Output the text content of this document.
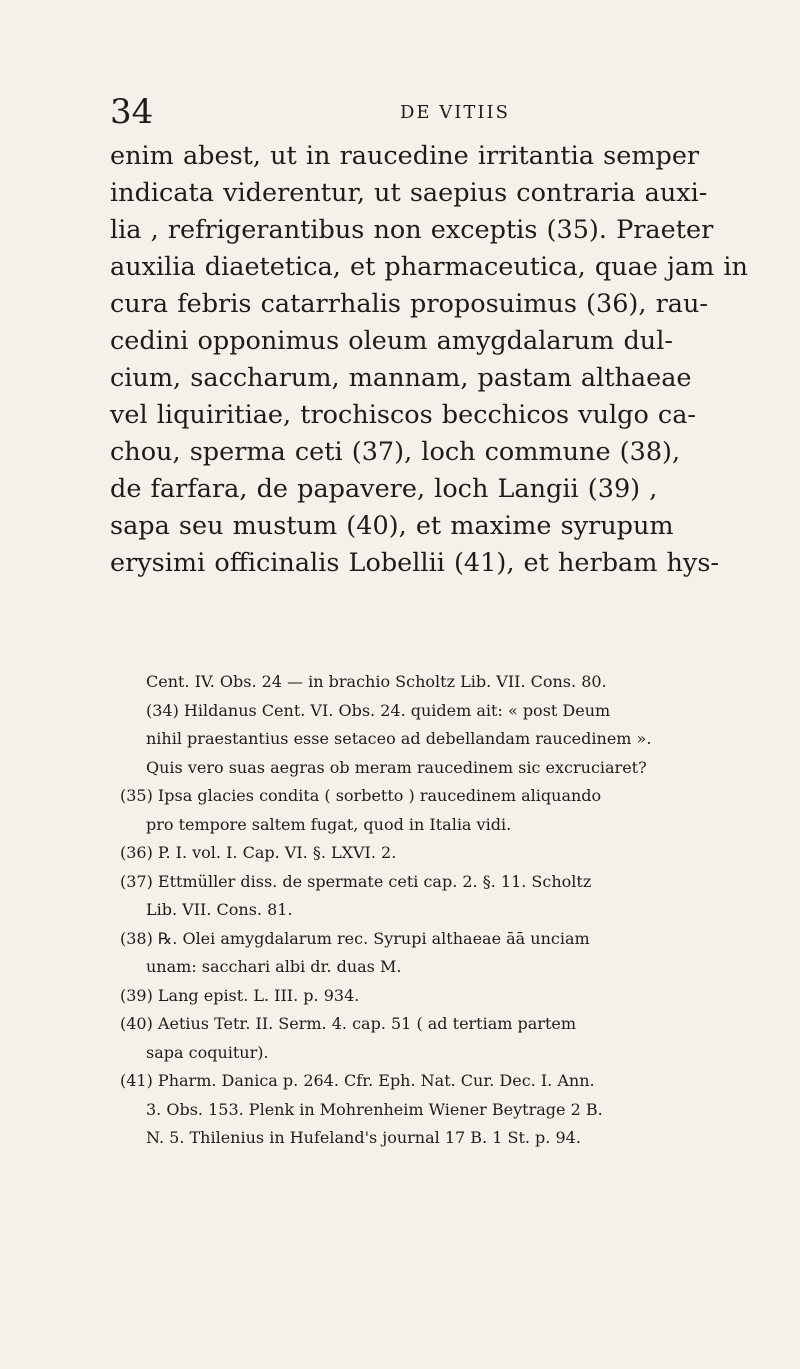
34	DE VITIIS
enim abest, ut in raucedine irritantia semper
indicata viderentur, ut saepius contraria auxi-
lia , refrigerantibus non exceptis (35). Praeter
auxilia diaetetica, et pharmaceutica, quae jam in
cura febris catarrhalis proposuimus (36), rau-
cedini opponimus oleum amygdalarum dul-
cium, saccharum, mannam, pastam althaeae
vel liquiritiae, trochiscos becchicos vulgo ca-
chou, sperma ceti (37), loch commune (38),
de farfara, de papavere, loch Langii (39) ,
sapa seu mustum (40), et maxime syrupum
erysimi officinalis Lobellii (41), et herbam hys-
Cent. IV. Obs. 24 — in brachio Scholtz Lib. VII. Cons. 80.
(34) Hildanus Cent. VI. Obs. 24. quidem ait: « post Deum
nihil praestantius esse setaceo ad debellandam raucedinem ».
Quis vero suas aegras ob meram raucedinem sic excruciaret?
(35) Ipsa glacies condita ( sorbetto ) raucedinem aliquando
pro tempore saltem fugat, quod in Italia vidi.
(36) P. I. vol. I. Cap. VI. §. LXVI. 2.
(37) Ettmüller diss. de spermate ceti cap. 2. §. 11. Scholtz
Lib. VII. Cons. 81.
(38) ℞. Olei amygdalarum rec. Syrupi althaeae āā unciam
unam: sacchari albi dr. duas M.
(39) Lang epist. L. III. p. 934.
(40) Aetius Tetr. II. Serm. 4. cap. 51 ( ad tertiam partem
sapa coquitur).
(41) Pharm. Danica p. 264. Cfr. Eph. Nat. Cur. Dec. I. Ann.
3. Obs. 153. Plenk in Mohrenheim Wiener Beytrage 2 B.
N. 5. Thilenius in Hufeland's journal 17 B. 1 St. p. 94.
